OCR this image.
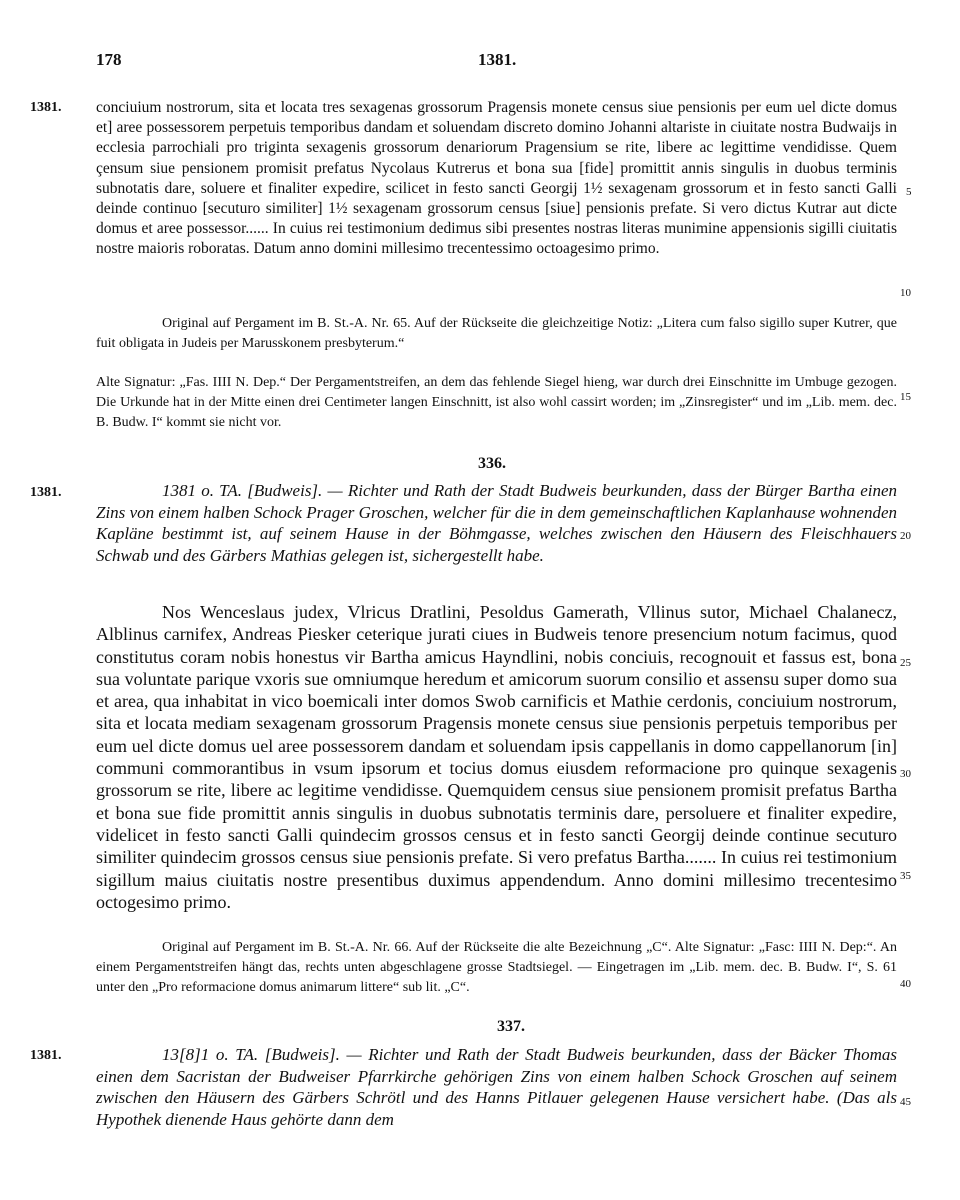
178	1381.
1381. conciuium nostrorum, sita et locata tres sexagenas grossorum Pragensis monete census siue pensionis per eum uel dicte domus et] aree possessorem perpetuis temporibus dandam et soluendam discreto domino Johanni altariste in ciuitate nostra Budwaijs in ecclesia parrochiali pro triginta sexagenis grossorum denariorum Pragensium se rite, libere ac legittime vendidisse. Quem çensum siue pensionem promisit prefatus Nycolaus Kutrerus et bona sua [fide] promittit annis singulis in duobus terminis subnotatis dare, soluere et finaliter expedire, scilicet in festo sancti Georgij 1½ sexagenam grossorum et in festo sancti Galli deinde continuo [secuturo similiter] 1½ sexagenam grossorum census [siue] pensionis prefate. Si vero dictus Kutrar aut dicte domus et aree possessor...... In cuius rei testimonium dedimus sibi presentes nostras literas munimine appensionis sigilli ciuitatis nostre maioris roboratas. Datum anno domini millesimo trecentessimo octoagesimo primo.
Original auf Pergament im B. St.-A. Nr. 65. Auf der Rückseite die gleichzeitige Notiz: „Litera cum falso sigillo super Kutrer, que fuit obligata in Judeis per Marusskonem presbyterum.“
Alte Signatur: „Fas. IIII N. Dep.“ Der Pergamentstreifen, an dem das fehlende Siegel hieng, war durch drei Einschnitte im Umbuge gezogen. Die Urkunde hat in der Mitte einen drei Centimeter langen Einschnitt, ist also wohl cassirt worden; im „Zinsregister“ und im „Lib. mem. dec. B. Budw. I“ kommt sie nicht vor.
336.
1381.	1381 o. TA. [Budweis]. — Richter und Rath der Stadt Budweis beurkunden, dass der Bürger Bartha einen Zins von einem halben Schock Prager Groschen, welcher für die in dem gemeinschaftlichen Kaplanhause wohnenden Kapläne bestimmt ist, auf seinem Hause in der Böhmgasse, welches zwischen den Häusern des Fleischhauers Schwab und des Gärbers Mathias gelegen ist, sichergestellt habe.
Nos Wenceslaus judex, Vlricus Dratlini, Pesoldus Gamerath, Vllinus sutor, Michael Chalanecz, Alblinus carnifex, Andreas Piesker ceterique jurati ciues in Budweis tenore presencium notum facimus, quod constitutus coram nobis honestus vir Bartha amicus Hayndlini, nobis conciuis, recognouit et fassus est, bona sua voluntate parique vxoris sue omniumque heredum et amicorum suorum consilio et assensu super domo sua et area, qua inhabitat in vico boemicali inter domos Swob carnificis et Mathie cerdonis, conciuium nostrorum, sita et locata mediam sexagenam grossorum Pragensis monete census siue pensionis perpetuis temporibus per eum uel dicte domus uel aree possessorem dandam et soluendam ipsis cappellanis in domo cappellanorum [in] communi commorantibus in vsum ipsorum et tocius domus eiusdem reformacione pro quinque sexagenis grossorum se rite, libere ac legitime vendidisse. Quemquidem census siue pensionem promisit prefatus Bartha et bona sue fide promittit annis singulis in duobus subnotatis terminis dare, persoluere et finaliter expedire, videlicet in festo sancti Galli quindecim grossos census et in festo sancti Georgij deinde continue secuturo similiter quindecim grossos census siue pensionis prefate. Si vero prefatus Bartha....... In cuius rei testimonium sigillum maius ciuitatis nostre presentibus duximus appendendum. Anno domini millesimo trecentesimo octogesimo primo.
Original auf Pergament im B. St.-A. Nr. 66. Auf der Rückseite die alte Bezeichnung „C“. Alte Signatur: „Fasc: IIII N. Dep:“. An einem Pergamentstreifen hängt das, rechts unten abgeschlagene grosse Stadtsiegel. — Eingetragen im „Lib. mem. dec. B. Budw. I“, S. 61 unter den „Pro reformacione domus animarum littere“ sub lit. „C“.
337.
1381.	13[8]1 o. TA. [Budweis]. — Richter und Rath der Stadt Budweis beurkunden, dass der Bäcker Thomas einen dem Sacristan der Budweiser Pfarrkirche gehörigen Zins von einem halben Schock Groschen auf seinem zwischen den Häusern des Gärbers Schrötl und des Hanns Pitlauer gelegenen Hause versichert habe. (Das als Hypothek dienende Haus gehörte dann dem
5
10
15
20
25
30
35
40
45
